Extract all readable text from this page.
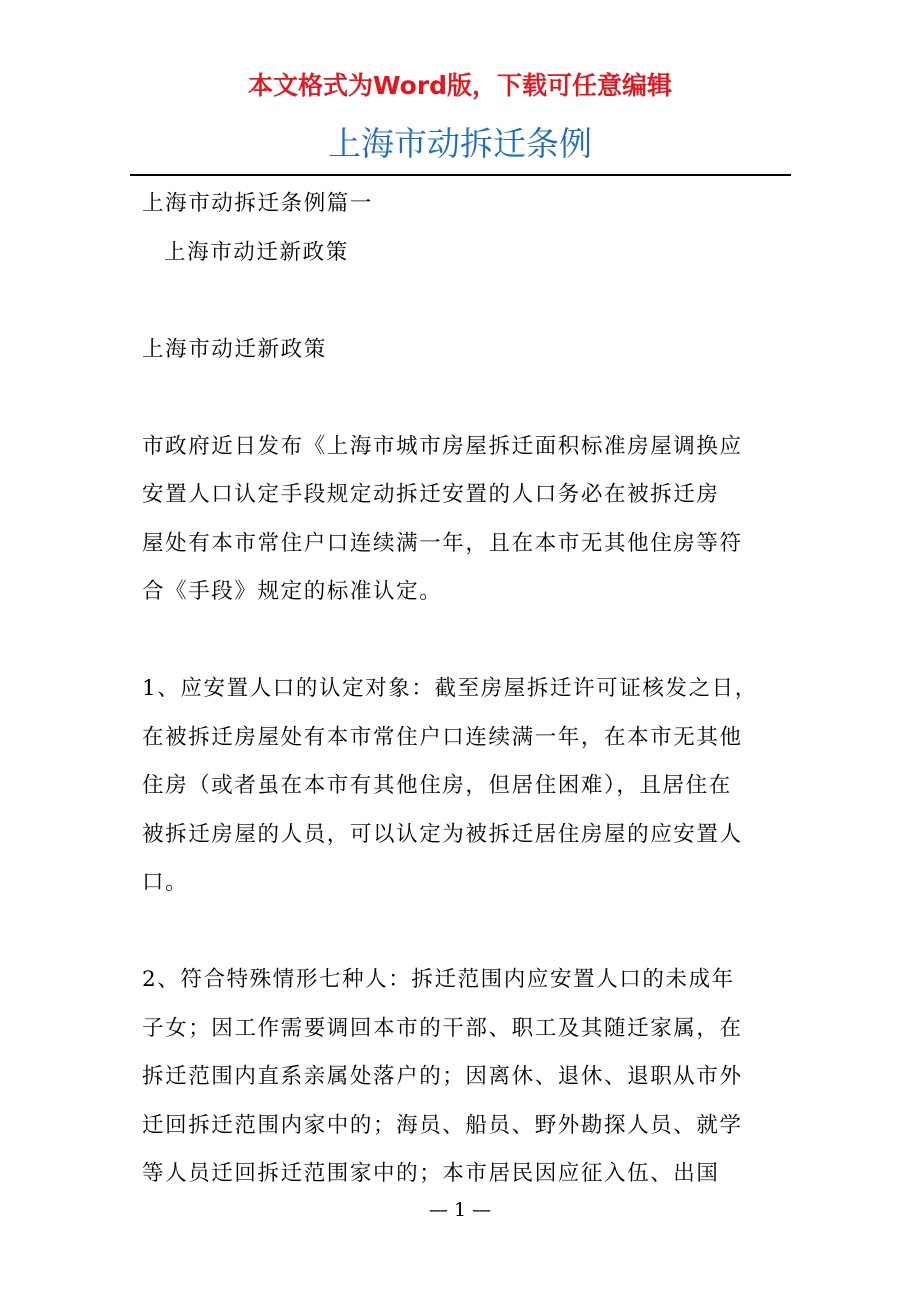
本文格式为Word版，下载可任意编辑
上海市动拆迁条例
上海市动拆迁条例篇一
上海市动迁新政策
上海市动迁新政策
市政府近日发布《上海市城市房屋拆迁面积标准房屋调换应
安置人口认定手段规定动拆迁安置的人口务必在被拆迁房
屋处有本市常住户口连续满一年，且在本市无其他住房等符
合《手段》规定的标准认定。
1、应安置人口的认定对象：截至房屋拆迁许可证核发之日，
在被拆迁房屋处有本市常住户口连续满一年，在本市无其他
住房（或者虽在本市有其他住房，但居住困难），且居住在
被拆迁房屋的人员，可以认定为被拆迁居住房屋的应安置人
口。
2、符合特殊情形七种人：拆迁范围内应安置人口的未成年
子女；因工作需要调回本市的干部、职工及其随迁家属，在
拆迁范围内直系亲属处落户的；因离休、退休、退职从市外
迁回拆迁范围内家中的；海员、船员、野外勘探人员、就学
等人员迁回拆迁范围家中的；本市居民因应征入伍、出国
— 1 —
